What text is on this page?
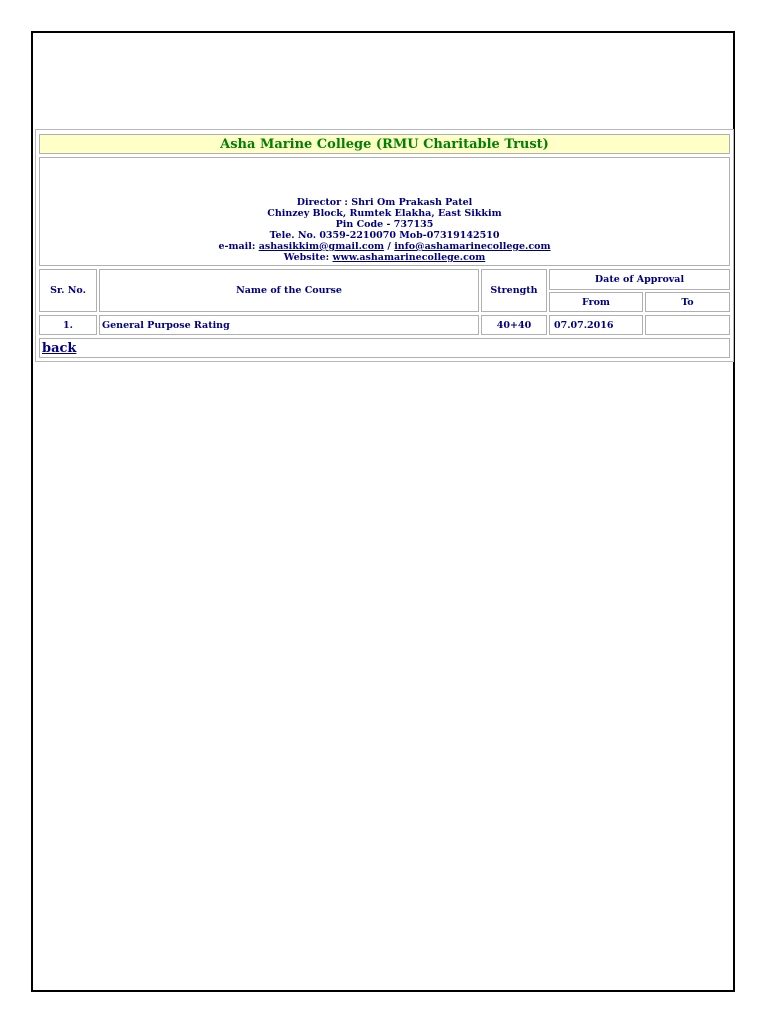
Asha Marine College (RMU Charitable Trust)
Director : Shri Om Prakash Patel
Chinzey Block, Rumtek Elakha, East Sikkim
Pin Code - 737135
Tele. No. 0359-2210070 Mob-07319142510
e-mail: ashasikkim@gmail.com / info@ashamarinecollege.com
Website: www.ashamarinecollege.com
Sr. No.	Name of the Course	Strength
Date of Approval
From	To
1.	General Purpose Rating	40+40	07.07.2016
back
